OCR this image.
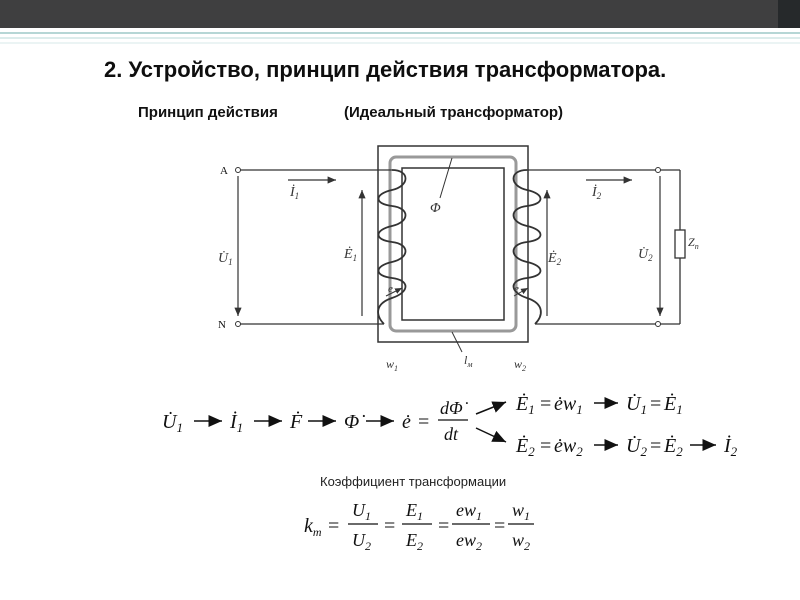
2. Устройство, принцип действия трансформатора.
Принцип действия	(Идеальный трансформатор)
Коэффициент трансформации
A
N
$İ_1$
$U̇_1$	$Ė_1$
Φ
$İ_2$
$Ė_2$	$U̇_2$
$Z_п$
$w_1$	$w_2$
$l_м$
e	e
$U̇_1$ $İ_1$ Ḟ Φ̇ ė =
dΦ̇
dt
$Ė_1$ = $ėw_1$ $U̇_1$ = $Ė_1$
$Ė_2$ = $ėw_2$ $U̇_2$ = $Ė_2$ $İ_2$
$k_т$ =
$U_1$
$U_2$
=
$E_1$
$E_2$
=
$ew_1$
$ew_2$
=
$w_1$
$w_2$
